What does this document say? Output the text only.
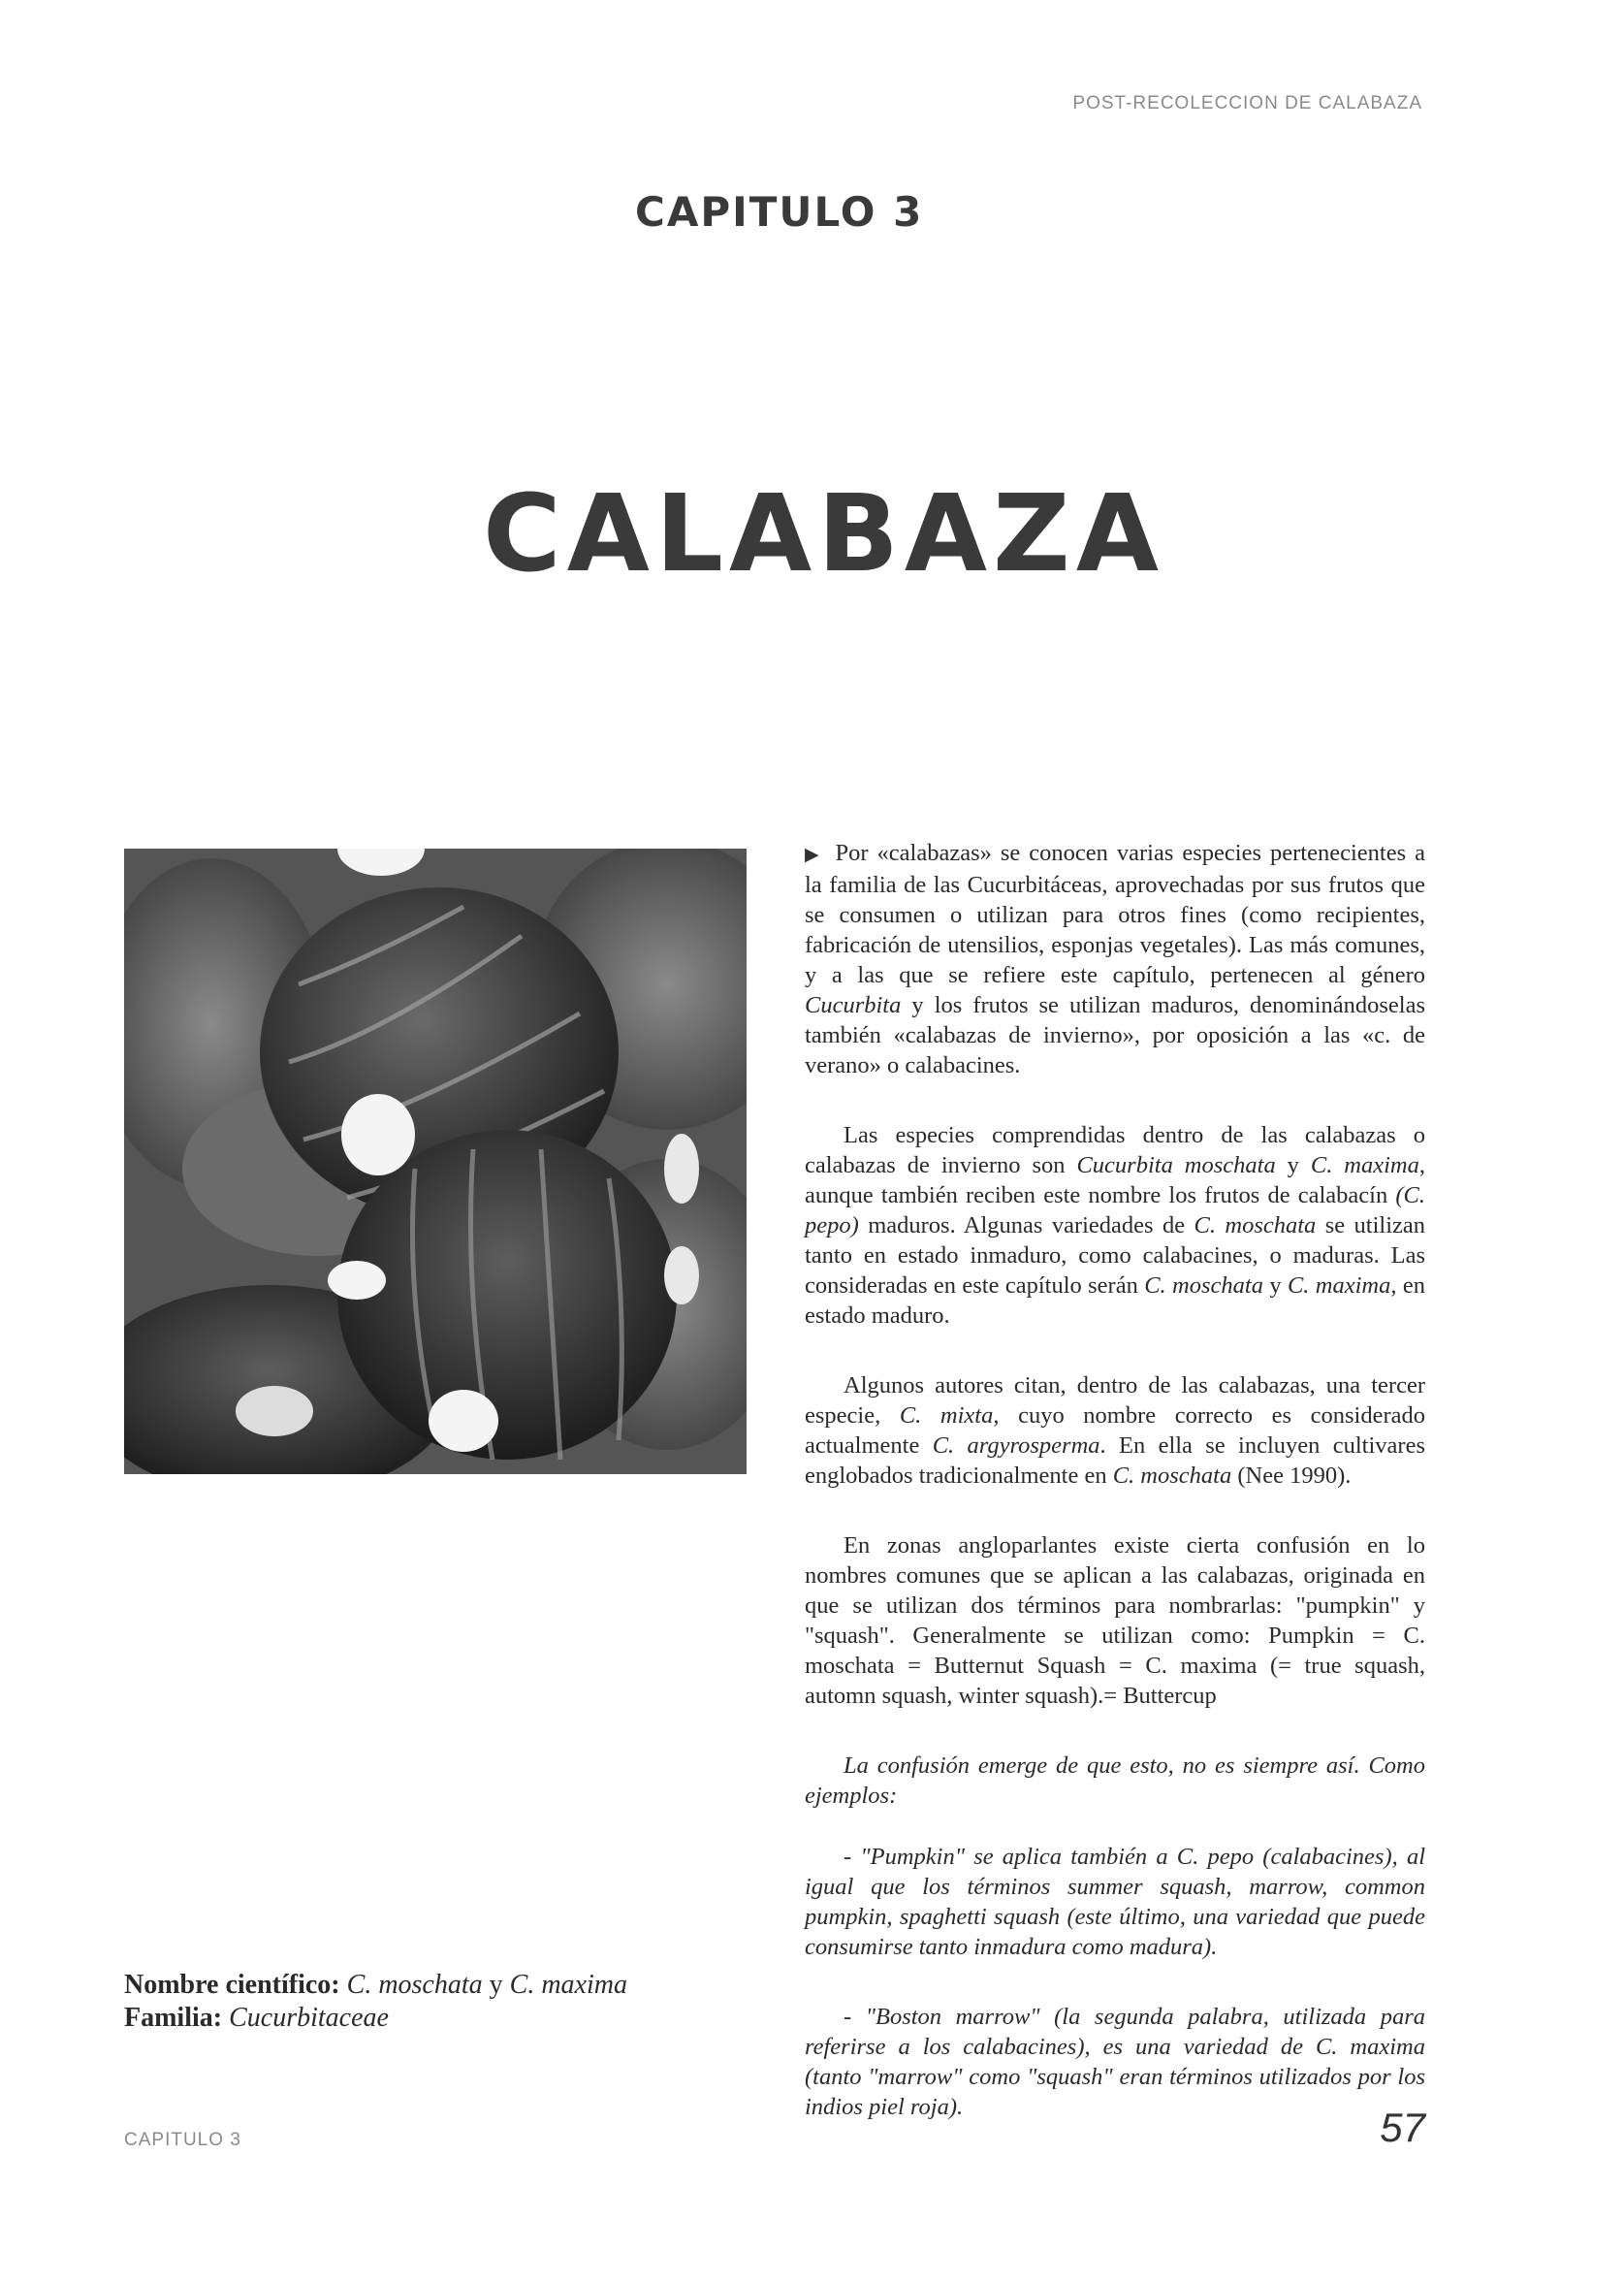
POST-RECOLECCION DE CALABAZA
CAPITULO 3
CALABAZA

▶ Por «calabazas» se conocen varias especies pertenecientes a la familia de las Cucurbitáceas, aprovechadas por sus frutos que se consumen o utilizan para otros fines (como recipientes, fabricación de utensilios, esponjas vegetales). Las más comunes, y a las que se refiere este capítulo, pertenecen al género Cucurbita y los frutos se utilizan maduros, denominándoselas también «calabazas de invierno», por oposición a las «c. de verano» o calabacines.

Las especies comprendidas dentro de las calabazas o calabazas de invierno son Cucurbita moschata y C. maxima, aunque también reciben este nombre los frutos de calabacín (C. pepo) maduros. Algunas variedades de C. moschata se utilizan tanto en estado inmaduro, como calabacines, o maduras. Las consideradas en este capítulo serán C. moschata y C. maxima, en estado maduro.

Algunos autores citan, dentro de las calabazas, una tercer especie, C. mixta, cuyo nombre correcto es considerado actualmente C. argyrosperma. En ella se incluyen cultivares englobados tradicionalmente en C. moschata (Nee 1990).

En zonas angloparlantes existe cierta confusión en lo nombres comunes que se aplican a las calabazas, originada en que se utilizan dos términos para nombrarlas: "pumpkin" y "squash". Generalmente se utilizan como: Pumpkin = C. moschata = Butternut Squash = C. maxima (= true squash, automn squash, winter squash).= Buttercup

La confusión emerge de que esto, no es siempre así. Como ejemplos:

- "Pumpkin" se aplica también a C. pepo (calabacines), al igual que los términos summer squash, marrow, common pumpkin, spaghetti squash (este último, una variedad que puede consumirse tanto inmadura como madura).

- "Boston marrow" (la segunda palabra, utilizada para referirse a los calabacines), es una variedad de C. maxima (tanto "marrow" como "squash" eran términos utilizados por los indios piel roja).

Nombre científico: C. moschata y C. maxima
Familia: Cucurbitaceae
CAPITULO 3	57
